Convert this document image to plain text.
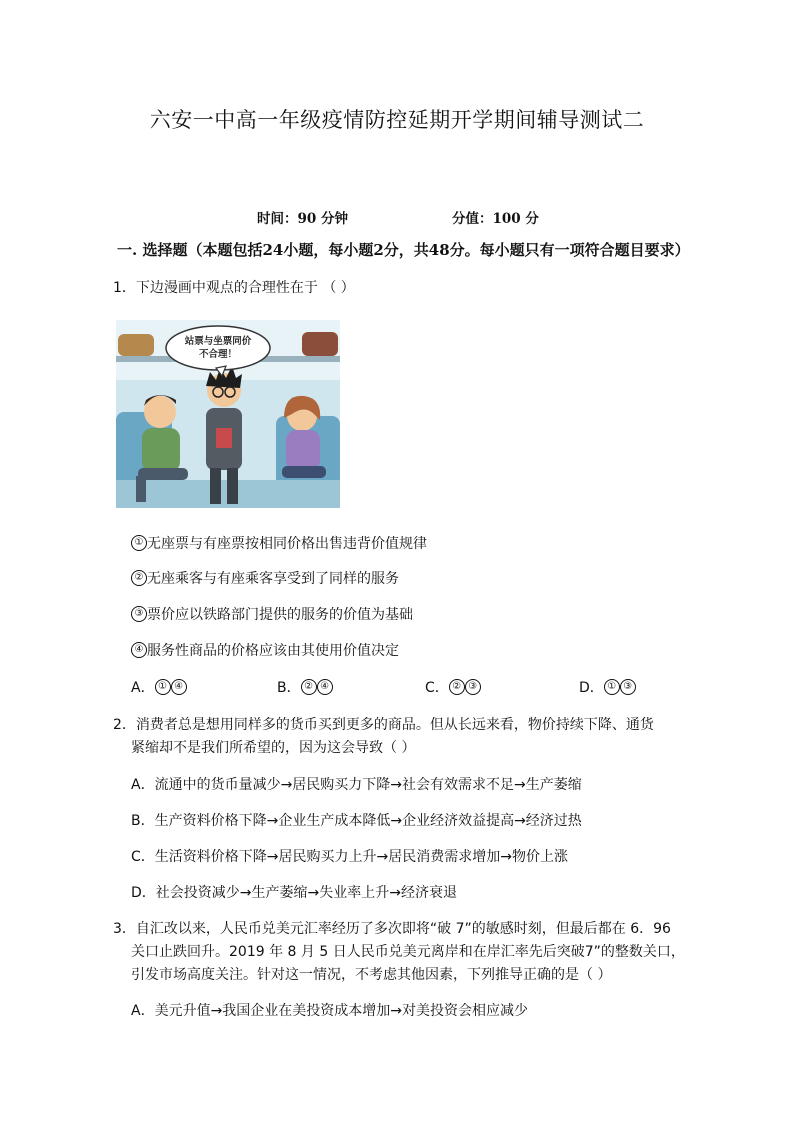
六安一中高一年级疫情防控延期开学期间辅导测试二
时间：90 分钟	分值：100 分
一. 选择题（本题包括24小题，每小题2分，共48分。每小题只有一项符合题目要求）
1．下边漫画中观点的合理性在于 （ ）
站票与坐票同价
不合理！
① 无座票与有座票按相同价格出售违背价值规律
② 无座乘客与有座乘客享受到了同样的服务
③ 票价应以铁路部门提供的服务的价值为基础
④ 服务性商品的价格应该由其使用价值决定
A． ① ④	B． ② ④	C． ② ③	D． ① ③
2．消费者总是想用同样多的货币买到更多的商品。但从长远来看，物价持续下降、通货
紧缩却不是我们所希望的，因为这会导致（ ）
A．流通中的货币量减少→居民购买力下降→社会有效需求不足→生产萎缩
B．生产资料价格下降→企业生产成本降低→企业经济效益提高→经济过热
C．生活资料价格下降→居民购买力上升→居民消费需求增加→物价上涨
D．社会投资减少→生产萎缩→失业率上升→经济衰退
3．自汇改以来，人民币兑美元汇率经历了多次即将“破 7”的敏感时刻，但最后都在 6．96
关口止跌回升。2019 年 8 月 5 日人民币兑美元离岸和在岸汇率先后突破7”的整数关口，
引发市场高度关注。针对这一情况，不考虑其他因素，下列推导正确的是（ ）
A．美元升值→我国企业在美投资成本增加→对美投资会相应减少
